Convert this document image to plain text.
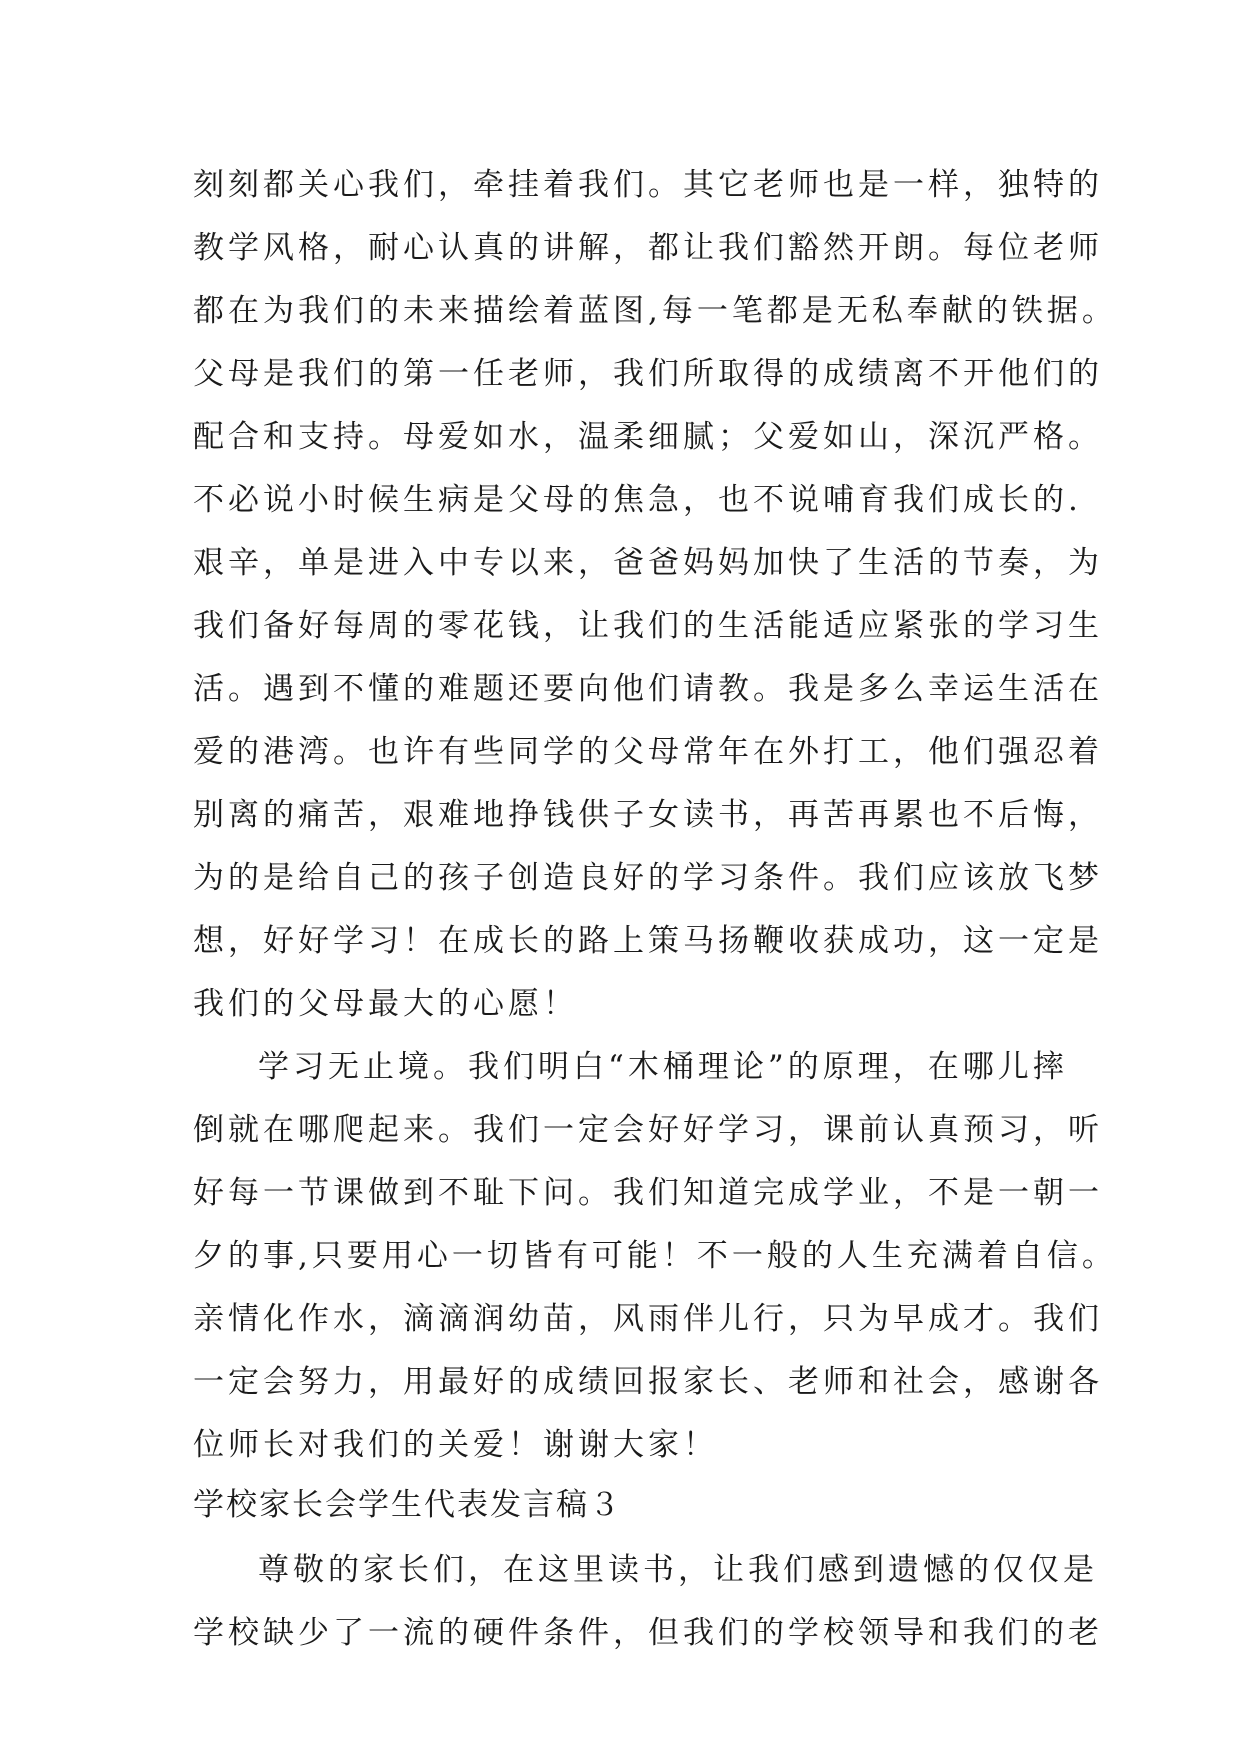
刻刻都关心我们，牵挂着我们。其它老师也是一样，独特的
教学风格，耐心认真的讲解，都让我们豁然开朗。每位老师
都在为我们的未来描绘着蓝图,每一笔都是无私奉献的铁据。
父母是我们的第一任老师，我们所取得的成绩离不开他们的
配合和支持。母爱如水，温柔细腻；父爱如山，深沉严格。
不必说小时候生病是父母的焦急，也不说哺育我们成长的.
艰辛，单是进入中专以来，爸爸妈妈加快了生活的节奏，为
我们备好每周的零花钱，让我们的生活能适应紧张的学习生
活。遇到不懂的难题还要向他们请教。我是多么幸运生活在
爱的港湾。也许有些同学的父母常年在外打工，他们强忍着
别离的痛苦，艰难地挣钱供子女读书，再苦再累也不后悔，
为的是给自己的孩子创造良好的学习条件。我们应该放飞梦
想，好好学习！在成长的路上策马扬鞭收获成功，这一定是
我们的父母最大的心愿！
学习无止境。我们明白“木桶理论”的原理，在哪儿摔
倒就在哪爬起来。我们一定会好好学习，课前认真预习，听
好每一节课做到不耻下问。我们知道完成学业，不是一朝一
夕的事,只要用心一切皆有可能！不一般的人生充满着自信。
亲情化作水，滴滴润幼苗，风雨伴儿行，只为早成才。我们
一定会努力，用最好的成绩回报家长、老师和社会，感谢各
位师长对我们的关爱！谢谢大家！
学校家长会学生代表发言稿３
尊敬的家长们，在这里读书，让我们感到遗憾的仅仅是
学校缺少了一流的硬件条件，但我们的学校领导和我们的老
